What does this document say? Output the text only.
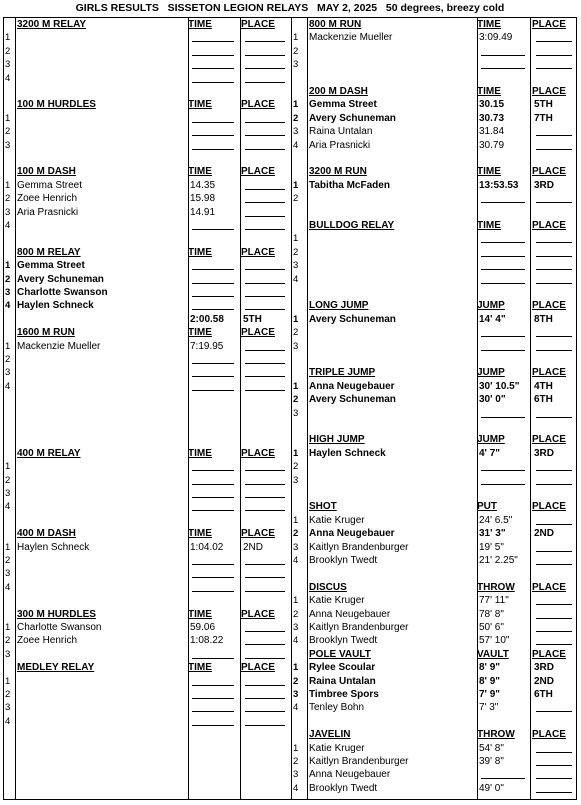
GIRLS RESULTS   SISSETON LEGION RELAYS   MAY 2, 2025   50 degrees, breezy cold
3200 M RELAY	TIME	PLACE
1
2
3
4
100 M HURDLES	TIME	PLACE
1
2
3
100 M DASH	TIME	PLACE
1 Gemma Street	14.35
2 Zoee Henrich	15.98
3 Aria Prasnicki	14.91
4
800 M RELAY	TIME	PLACE
1 Gemma Street
2 Avery Schuneman
3 Charlotte Swanson
4 Haylen Schneck
2:00.58	5TH
1600 M RUN	TIME	PLACE
1 Mackenzie Mueller	7:19.95
2
3
4
400 M RELAY	TIME	PLACE
1
2
3
4
400 M DASH	TIME	PLACE
1 Haylen Schneck	1:04.02	2ND
2
3
4
300 M HURDLES	TIME	PLACE
1 Charlotte Swanson	59.06
2 Zoee Henrich	1:08.22
3
MEDLEY RELAY	TIME	PLACE
1
2
3
4
800 M RUN	TIME	PLACE
1	Mackenzie Mueller	3:09.49
2
3
200 M DASH	TIME	PLACE
1	Gemma Street	30.15	5TH
2	Avery Schuneman	30.73	7TH
3	Raina Untalan	31.84
4	Aria Prasnicki	30.79
3200 M RUN	TIME	PLACE
1	Tabitha McFaden	13:53.53	3RD
2
BULLDOG RELAY	TIME	PLACE
1
2
3
4
LONG JUMP	JUMP	PLACE
1	Avery Schuneman	14' 4"	8TH
2
3
TRIPLE JUMP	JUMP	PLACE
1	Anna Neugebauer	30' 10.5"	4TH
2	Avery Schuneman	30' 0"	6TH
3
HIGH JUMP	JUMP	PLACE
1	Haylen Schneck	4' 7"	3RD
2
3
SHOT	PUT	PLACE
1	Katie Kruger	24' 6.5"
2	Anna Neugebauer	31' 3"	2ND
3	Kaitlyn Brandenburger	19' 5"
4	Brooklyn Twedt	21' 2.25"
DISCUS	THROW	PLACE
1	Katie Kruger	77' 11"
2	Anna Neugebauer	78' 8"
3	Kaitlyn Brandenburger	50' 6"
4	Brooklyn Twedt	57' 10"
POLE VAULT	VAULT	PLACE
1	Rylee Scoular	8' 9"	3RD
2	Raina Untalan	8' 9"	2ND
3	Timbree Spors	7' 9"	6TH
4	Tenley Bohn	7' 3"
JAVELIN	THROW	PLACE
1	Katie Kruger	54' 8"
2	Kaitlyn Brandenburger	39' 8"
3	Anna Neugebauer
4	Brooklyn Twedt	49' 0"
